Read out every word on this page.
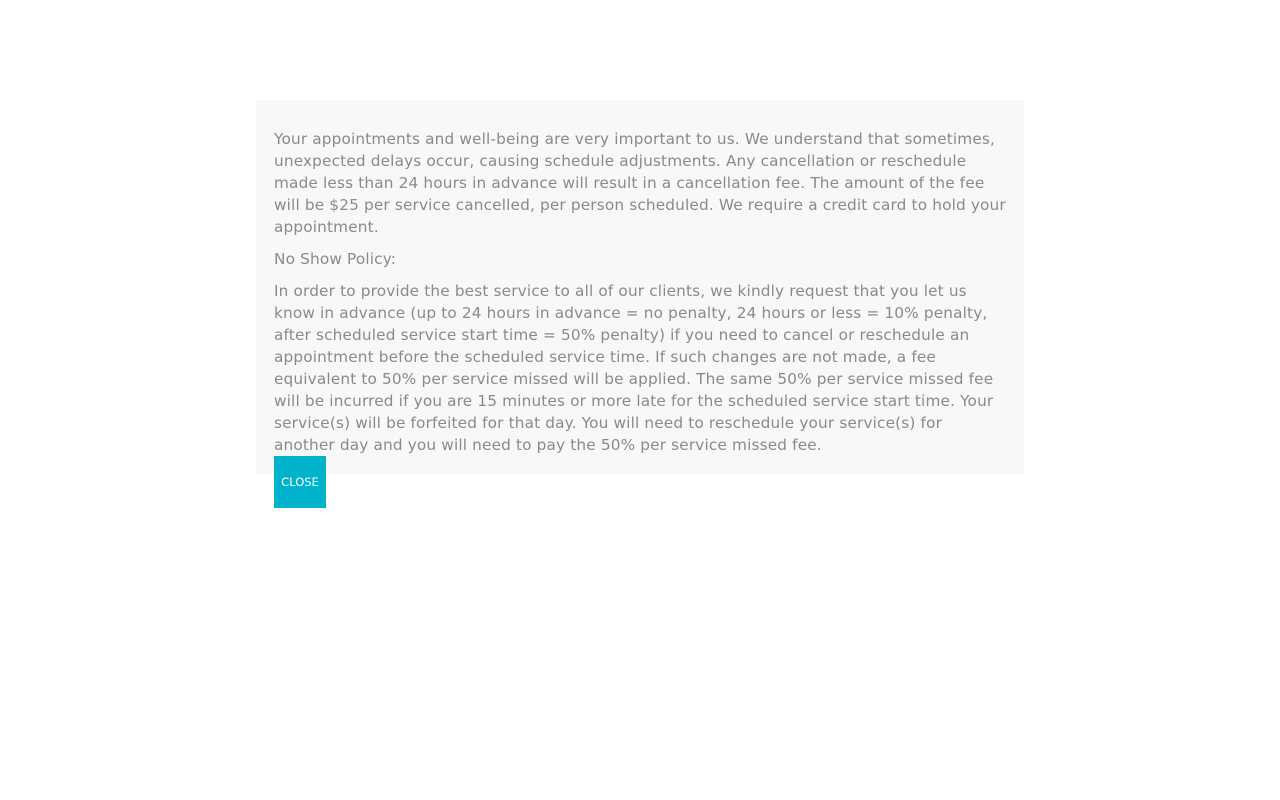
Your appointments and well-being are very important to us. We understand that sometimes, unexpected delays occur, causing schedule adjustments. Any cancellation or reschedule made less than 24 hours in advance will result in a cancellation fee. The amount of the fee will be $25 per service cancelled, per person scheduled. We require a credit card to hold your appointment.

No Show Policy:

In order to provide the best service to all of our clients, we kindly request that you let us know in advance (up to 24 hours in advance = no penalty, 24 hours or less = 10% penalty, after scheduled service start time = 50% penalty) if you need to cancel or reschedule an appointment before the scheduled service time. If such changes are not made, a fee equivalent to 50% per service missed will be applied. The same 50% per service missed fee will be incurred if you are 15 minutes or more late for the scheduled service start time. Your service(s) will be forfeited for that day. You will need to reschedule your service(s) for another day and you will need to pay the 50% per service missed fee.

CLOSE
